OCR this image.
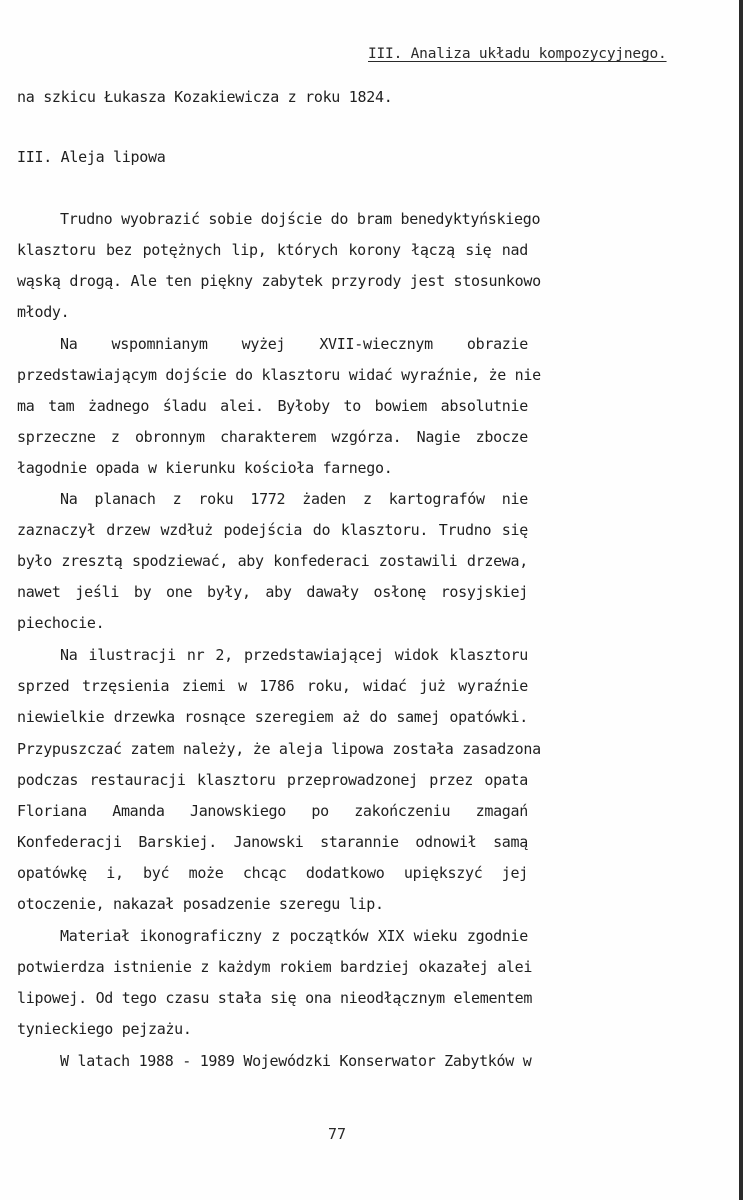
III. Analiza układu kompozycyjnego.
na szkicu Łukasza Kozakiewicza z roku 1824.
III. Aleja lipowa
Trudno wyobrazić sobie dojście do bram benedyktyńskiego
klasztoru bez potężnych lip, których korony łączą się nad
wąską drogą. Ale ten piękny zabytek przyrody jest stosunkowo
młody.
Na wspomnianym wyżej XVII-wiecznym obrazie
przedstawiającym dojście do klasztoru widać wyraźnie, że nie
ma tam żadnego śladu alei. Byłoby to bowiem absolutnie
sprzeczne z obronnym charakterem wzgórza. Nagie zbocze
łagodnie opada w kierunku kościoła farnego.
Na planach z roku 1772 żaden z kartografów nie
zaznaczył drzew wzdłuż podejścia do klasztoru. Trudno się
było zresztą spodziewać, aby konfederaci zostawili drzewa,
nawet jeśli by one były, aby dawały osłonę rosyjskiej
piechocie.
Na ilustracji nr 2, przedstawiającej widok klasztoru
sprzed trzęsienia ziemi w 1786 roku, widać już wyraźnie
niewielkie drzewka rosnące szeregiem aż do samej opatówki.
Przypuszczać zatem należy, że aleja lipowa została zasadzona
podczas restauracji klasztoru przeprowadzonej przez opata
Floriana Amanda Janowskiego po zakończeniu zmagań
Konfederacji Barskiej. Janowski starannie odnowił samą
opatówkę i, być może chcąc dodatkowo upiększyć jej
otoczenie, nakazał posadzenie szeregu lip.
Materiał ikonograficzny z początków XIX wieku zgodnie
potwierdza istnienie z każdym rokiem bardziej okazałej alei
lipowej. Od tego czasu stała się ona nieodłącznym elementem
tynieckiego pejzażu.
W latach 1988 - 1989 Wojewódzki Konserwator Zabytków w
77
